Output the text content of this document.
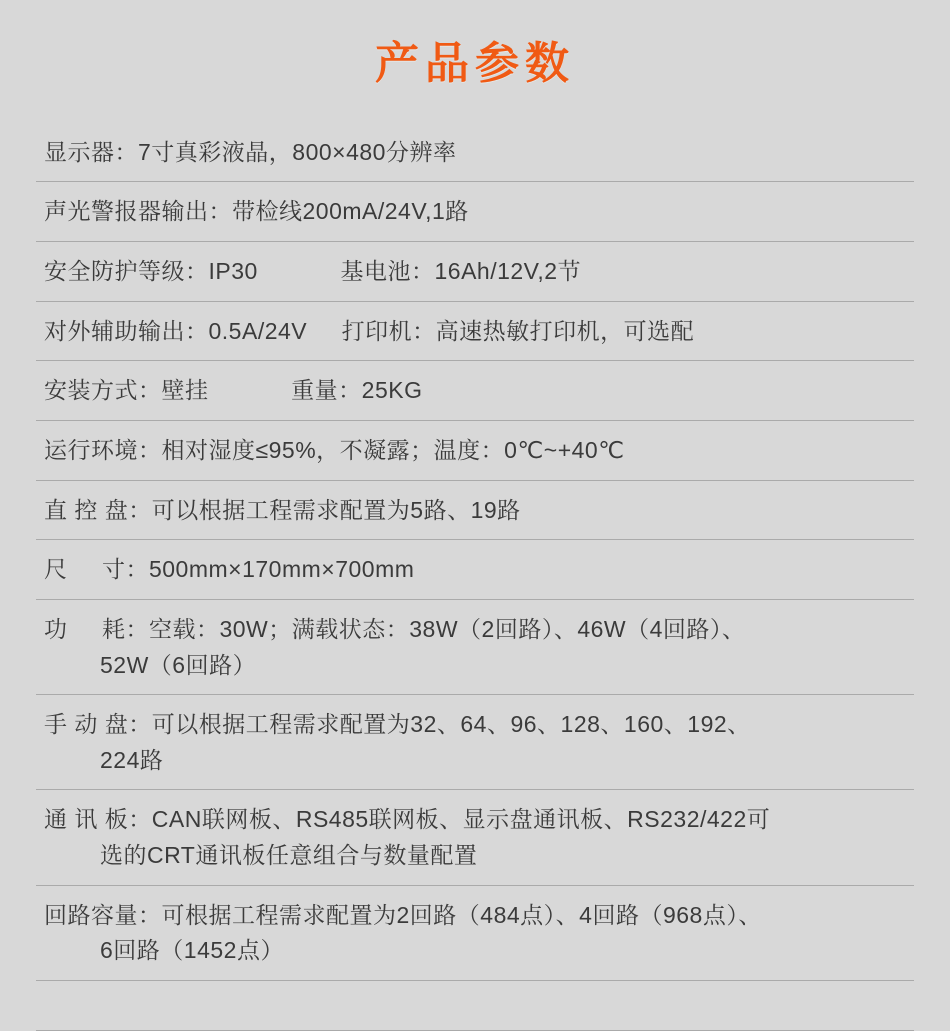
产品参数
显示器：7寸真彩液晶，800×480分辨率
声光警报器输出：带检线200mA/24V,1路
安全防护等级：IP30            基电池：16Ah/12V,2节
对外辅助输出：0.5A/24V     打印机：高速热敏打印机，可选配
安装方式：壁挂            重量：25KG
运行环境：相对湿度≤95%，不凝露；温度：0℃~+40℃
直 控 盘：可以根据工程需求配置为5路、19路
尺     寸：500mm×170mm×700mm
功     耗：空载：30W；满载状态：38W（2回路）、46W（4回路）、
52W（6回路）
手 动 盘：可以根据工程需求配置为32、64、96、128、160、192、
224路
通 讯 板：CAN联网板、RS485联网板、显示盘通讯板、RS232/422可
选的CRT通讯板任意组合与数量配置
回路容量：可根据工程需求配置为2回路（484点）、4回路（968点）、
6回路（1452点）
